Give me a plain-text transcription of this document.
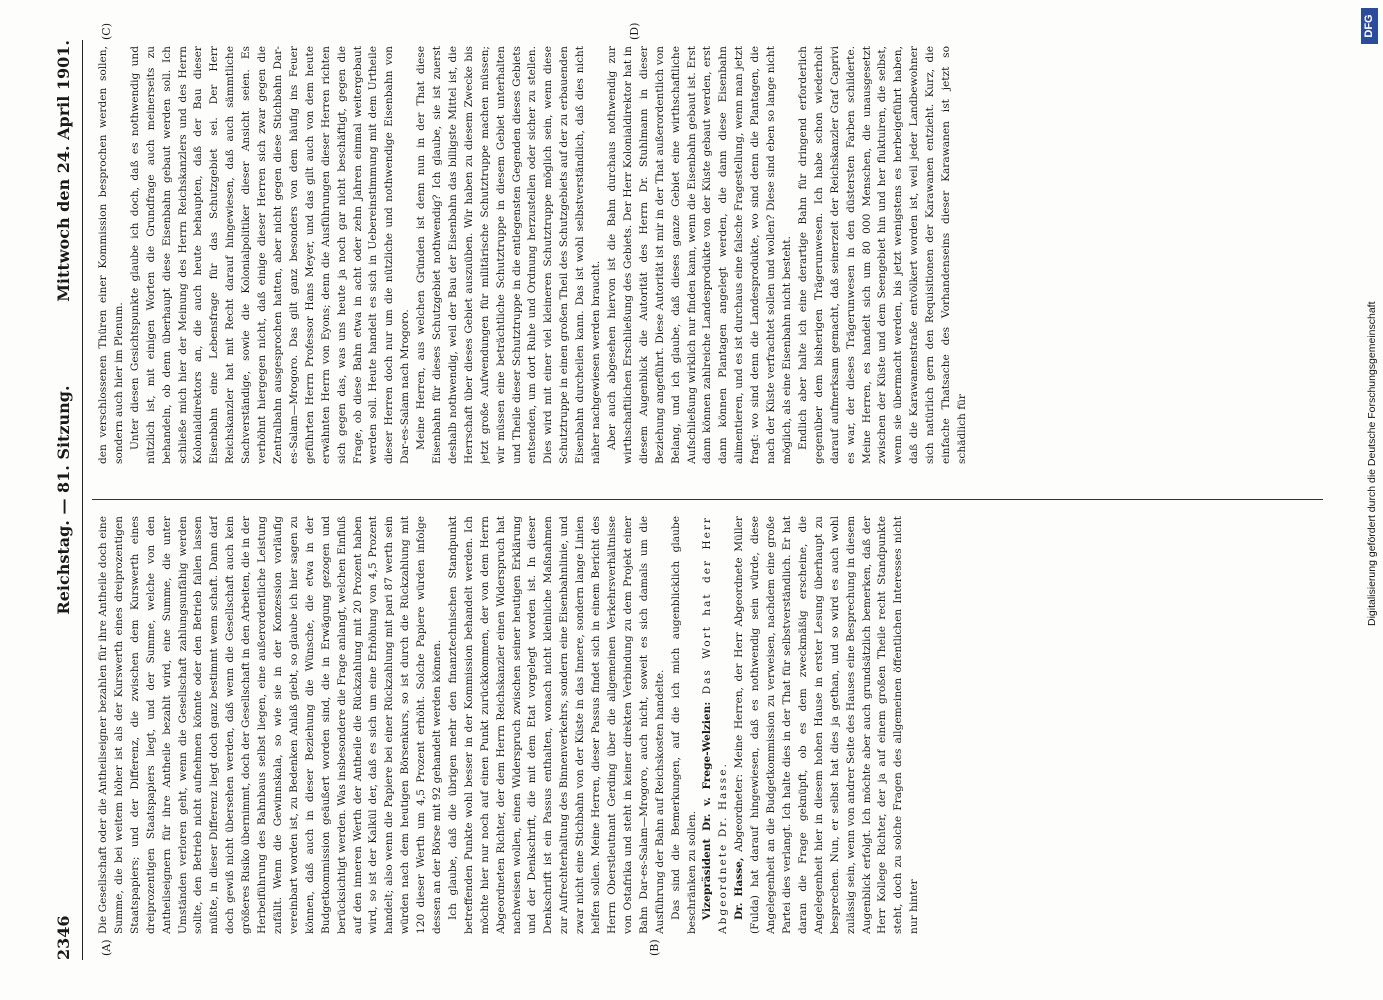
2346
Reichstag. — 81. Sitzung.
Mittwoch den 24. April 1901.
(A)	(B)
(C)	(D)

Die Gesellschaft oder die Antheilseigner bezahlen für ihre Antheile doch eine Summe, die bei weitem höher ist als der Kurswerth eines dreiprozentigen Staatspapiers; und der Differenz, die zwischen dem Kurswerth eines dreiprozentigen Staatspapiers liegt, und der Summe, welche von den Antheilseignern für ihre Antheile bezahlt wird, eine Summe, die unter Umständen verloren geht, wenn die Gesellschaft zahlungsunfähig werden sollte, den Betrieb nicht aufnehmen könnte oder den Betrieb fallen lassen müßte, in dieser Differenz liegt doch ganz bestimmt wenn schaft. Dann darf doch gewiß nicht übersehen werden, daß wenn die Gesellschaft auch kein größeres Risiko übernimmt, doch der Gesellschaft in den Arbeiten, die in der Herbeiführung des Bahnbaus selbst liegen, eine außerordentliche Leistung zufällt. Wenn die Gewinnskala, so wie sie in der Konzession vorläufig vereinbart worden ist, zu Bedenken Anlaß giebt, so glaube ich hier sagen zu können, daß auch in dieser Beziehung die Wünsche, die etwa in der Budgetkommission geäußert worden sind, die in Erwägung gezogen und berücksichtigt werden. Was insbesondere die Frage anlangt, welchen Einfluß auf den inneren Werth der Antheile die Rückzahlung mit 20 Prozent haben wird, so ist der Kalkül der, daß es sich um eine Erhöhung von 4,5 Prozent handelt; also wenn die Papiere bei einer Rückzahlung mit pari 87 werth sein würden nach dem heutigen Börsenkurs, so ist durch die Rückzahlung mit 120 dieser Werth um 4,5 Prozent erhöht. Solche Papiere würden infolge dessen an der Börse mit 92 gehandelt werden können. Ich glaube, daß die übrigen mehr den finanztechnischen Standpunkt betreffenden Punkte wohl besser in der Kommission behandelt werden. Ich möchte hier nur noch auf einen Punkt zurückkommen, der von dem Herrn Abgeordneten Richter, der dem Herrn Reichskanzler einen Widerspruch hat nachweisen wollen, einen Widerspruch zwischen seiner heutigen Erklärung und der Denkschrift, die mit dem Etat vorgelegt worden ist. In dieser Denkschrift ist ein Passus enthalten, wonach nicht kleinliche Maßnahmen zur Aufrechterhaltung des Binnenverkehrs, sondern eine Eisenbahnlinie, und zwar nicht eine Stichbahn von der Küste in das Innere, sondern lange Linien helfen sollen. Meine Herren, dieser Passus findet sich in einem Bericht des Herrn Oberstleutnant Gerding über die allgemeinen Verkehrsverhältnisse von Ostafrika und steht in keiner direkten Verbindung zu dem Projekt einer Bahn Dar-es-Salam—Mrogoro, auch nicht, soweit es sich damals um die Ausführung der Bahn auf Reichskosten handelte. Das sind die Bemerkungen, auf die ich mich augenblicklich glaube beschränken zu sollen. Vizepräsident Dr. v. Frege-Welzien: Das Wort hat der Herr Abgeordnete Dr. Hasse. Dr. Hasse, Abgeordneter: Meine Herren, der Herr Abgeordnete Müller (Fulda) hat darauf hingewiesen, daß es nothwendig sein würde, diese Angelegenheit an die Budgetkommission zu verweisen, nachdem eine große Partei dies verlangt. Ich halte dies in der That für selbstverständlich. Er hat daran die Frage geknüpft, ob es dem zweckmäßig erscheine, die Angelegenheit hier in diesem hohen Hause in erster Lesung überhaupt zu besprechen. Nun, er selbst hat dies ja gethan, und so wird es auch wohl zulässig sein, wenn von andrer Seite des Hauses eine Besprechung in diesem Augenblick erfolgt. Ich möchte aber auch grundsätzlich bemerken, daß der Herr Kollege Richter, der ja auf einem großen Theile recht Standpunkte steht, doch zu solche Fragen des allgemeinen öffentlichen Interesses nicht nur hinter

den verschlossenen Thüren einer Kommission besprochen werden sollen, sondern auch hier im Plenum. Unter diesen Gesichtspunkte glaube ich doch, daß es nothwendig und nützlich ist, mit einigen Worten die Grundfrage auch meinerseits zu behandeln, ob denn überhaupt diese Eisenbahn gebaut werden soll. Ich schließe mich hier der Meinung des Herrn Reichskanzlers und des Herrn Kolonialdirektors an, die auch heute behaupten, daß der Bau dieser Eisenbahn eine Lebensfrage für das Schutzgebiet sei. Der Herr Reichskanzler hat mit Recht darauf hingewiesen, daß auch sämmtliche Sachverständige, sowie die Kolonialpolitiker dieser Ansicht seien. Es verhöhnt hiergegen nicht, daß einige dieser Herren sich zwar gegen die Zentralbahn ausgesprochen hatten, aber nicht gegen diese Stichbahn Dar-es-Salam—Mrogoro. Das gilt ganz besonders von dem häufig ins Feuer geführten Herrn Professor Hans Meyer, und das gilt auch von dem heute erwähnten Herrn von Eyons; denn die Ausführungen dieser Herren richten sich gegen das, was uns heute ja noch gar nicht beschäftigt, gegen die Frage, ob diese Bahn etwa in acht oder zehn Jahren einmal weitergebaut werden soll. Heute handelt es sich in Uebereinstimmung mit dem Urtheile dieser Herren doch nur um die nützliche und nothwendige Eisenbahn von Dar-es-Salam nach Mrogoro. Meine Herren, aus welchen Gründen ist denn nun in der That diese Eisenbahn für dieses Schutzgebiet nothwendig? Ich glaube, sie ist zuerst deshalb nothwendig, weil der Bau der Eisenbahn das billigste Mittel ist, die Herrschaft über dieses Gebiet auszuüben. Wir haben zu diesem Zwecke bis jetzt große Aufwendungen für militärische Schutztruppe machen müssen; wir müssen eine beträchtliche Schutztruppe in diesem Gebiet unterhalten und Theile dieser Schutztruppe in die entlegensten Gegenden dieses Gebiets entsenden, um dort Ruhe und Ordnung herzustellen oder sicher zu stellen. Dies wird mit einer viel kleineren Schutztruppe möglich sein, wenn diese Schutztruppe in einen großen Theil des Schutzgebiets auf der zu erbauenden Eisenbahn durcheilen kann. Das ist wohl selbstverständlich, daß dies nicht näher nachgewiesen werden braucht. Aber auch abgesehen hiervon ist die Bahn durchaus nothwendig zur wirthschaftlichen Erschließung des Gebiets. Der Herr Kolonialdirektor hat in diesem Augenblick die Autorität des Herrn Dr. Stuhlmann in dieser Beziehung angeführt. Diese Autorität ist mir in der That außerordentlich von Belang, und ich glaube, daß dieses ganze Gebiet eine wirthschaftliche Aufschließung wirklich nur finden kann, wenn die Eisenbahn gebaut ist. Erst dann können zahlreiche Landesprodukte von der Küste gebaut werden, erst dann können Plantagen angelegt werden, die dann diese Eisenbahn alimentieren, und es ist durchaus eine falsche Fragestellung, wenn man jetzt fragt: wo sind denn die Landesprodukte, wo sind denn die Plantagen, die nach der Küste verfrachtet sollen und wollen? Diese sind eben so lange nicht möglich, als eine Eisenbahn nicht besteht. Endlich aber halte ich eine derartige Bahn für dringend erforderlich gegenüber dem bisherigen Trägerunwesen. Ich habe schon wiederholt darauf aufmerksam gemacht, daß seinerzeit der Reichskanzler Graf Caprivi es war, der dieses Trägerunwesen in den düstersten Farben schilderte. Meine Herren, es handelt sich um 80 000 Menschen, die unausgesetzt zwischen der Küste und dem Seengebiet hin und her fluktuiren, die selbst, wenn sie übermacht werden, bis jetzt wenigstens es herbeigeführt haben, daß die Karawanenstraße entvölkert worden ist, weil jeder Landbewohner sich natürlich gern den Requisitionen der Karawanen entzieht. Kurz, die einfache Thatsache des Vorhandenseins dieser Karawanen ist jetzt so schädlich für

DFG
Digitalisierung gefördert durch die Deutsche Forschungsgemeinschaft
